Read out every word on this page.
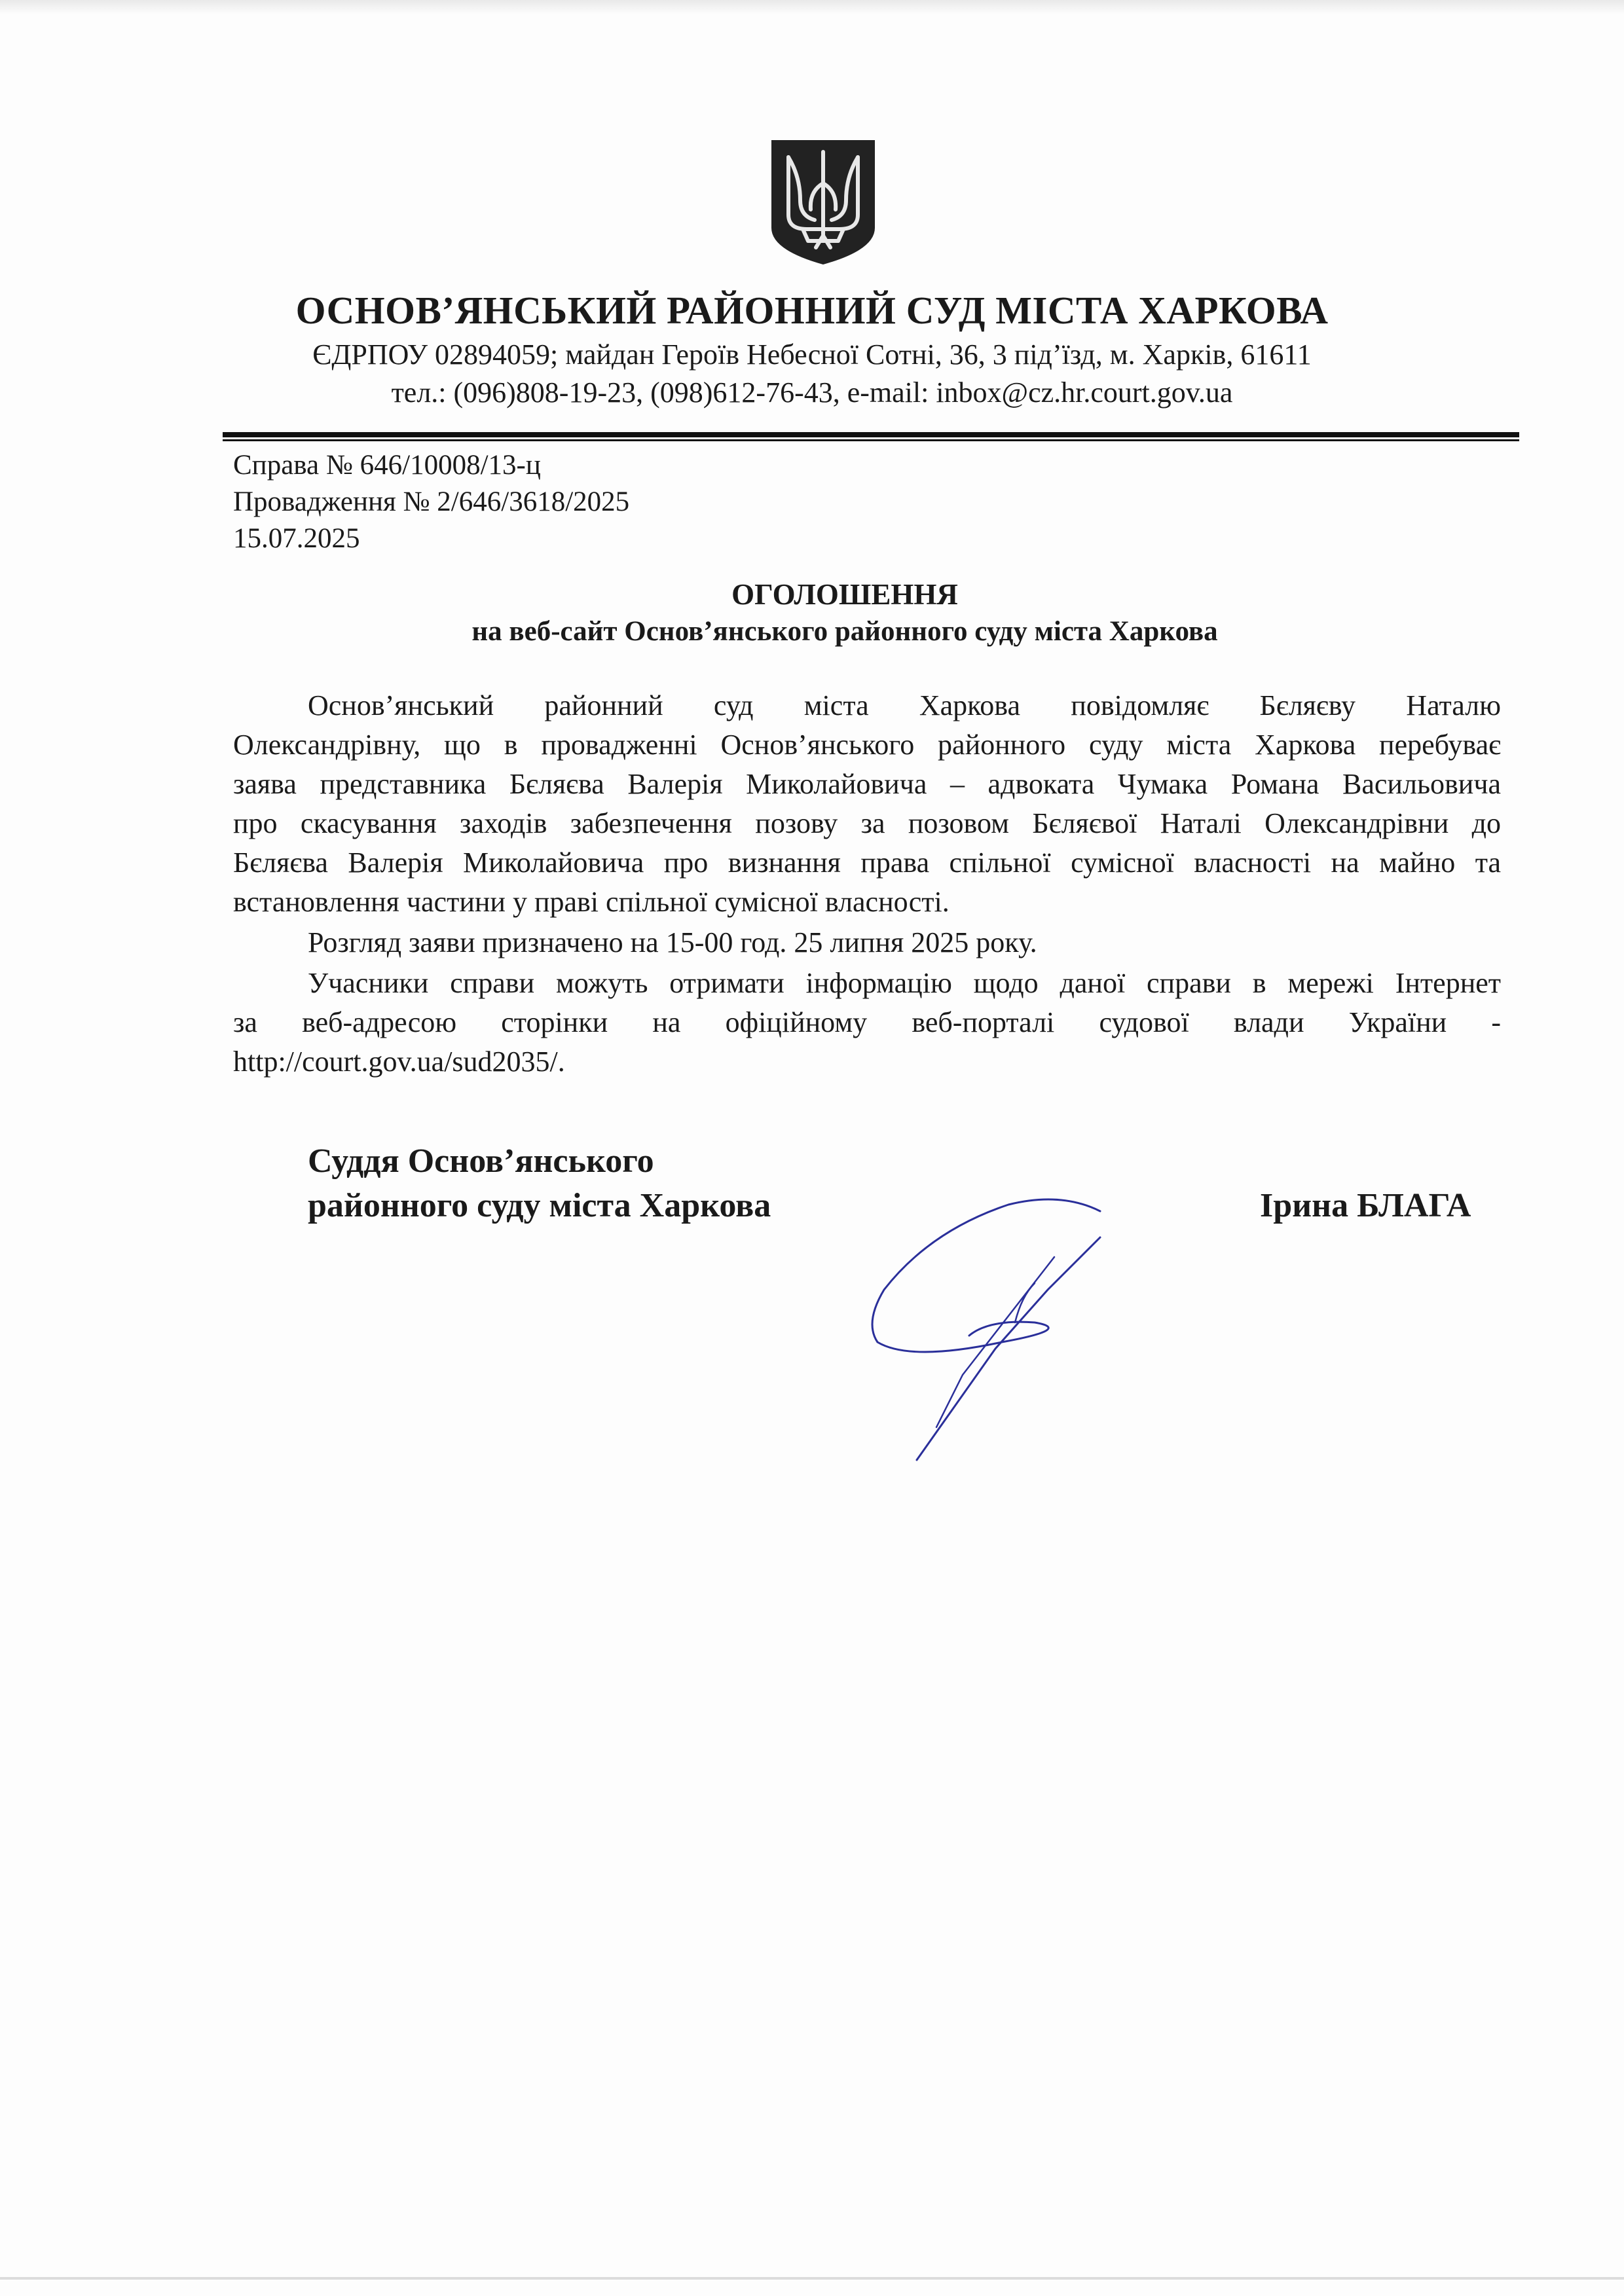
ОСНОВ’ЯНСЬКИЙ РАЙОННИЙ СУД МІСТА ХАРКОВА
ЄДРПОУ 02894059; майдан Героїв Небесної Сотні, 36, 3 під’їзд, м. Харків, 61611
тел.: (096)808-19-23, (098)612-76-43, e-mail: inbox@cz.hr.court.gov.ua
Справа № 646/10008/13-ц
Провадження № 2/646/3618/2025
15.07.2025
ОГОЛОШЕННЯ
на веб-сайт Основ’янського районного суду міста Харкова
Основ’янський районний суд міста Харкова повідомляє Бєляєву Наталю
Олександрівну, що в провадженні Основ’янського районного суду міста Харкова перебуває
заява представника Бєляєва Валерія Миколайовича – адвоката Чумака Романа Васильовича
про скасування заходів забезпечення позову за позовом Бєляєвої Наталі Олександрівни до
Бєляєва Валерія Миколайовича про визнання права спільної сумісної власності на майно та
встановлення частини у праві спільної сумісної власності.
Розгляд заяви призначено на 15-00 год. 25 липня 2025 року.
Учасники справи можуть отримати інформацію щодо даної справи в мережі Інтернет
за веб-адресою сторінки на офіційному веб-порталі судової влади України -
http://court.gov.ua/sud2035/.
Суддя Основ’янського
районного суду міста Харкова	Ірина БЛАГА
